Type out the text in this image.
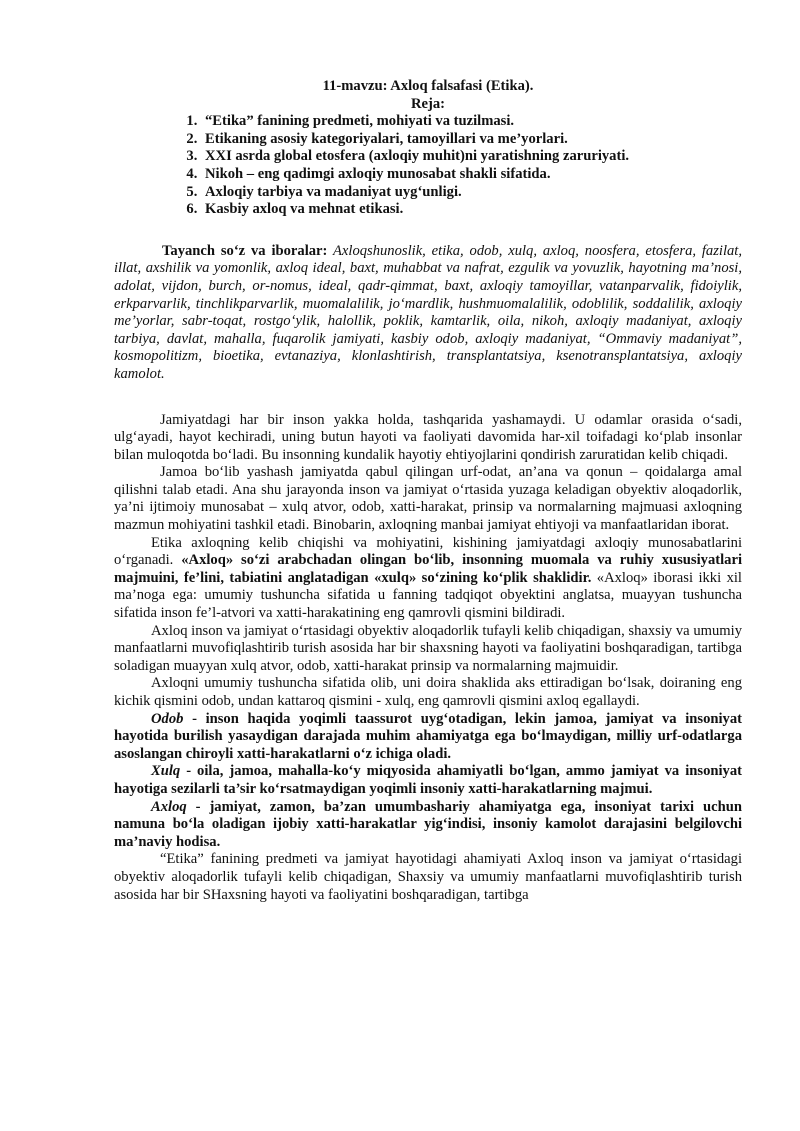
11-mavzu: Axloq falsafasi (Etika).
Reja:
1. “Etika” fanining predmeti, mohiyati va tuzilmasi.
2. Etikaning asosiy kategoriyalari, tamoyillari va me’yorlari.
3. XXI asrda global etosfera (axloqiy muhit)ni yaratishning zaruriyati.
4. Nikoh – eng qadimgi axloqiy munosabat shakli sifatida.
5. Axloqiy tarbiya va madaniyat uyg‘unligi.
6. Kasbiy axloq va mehnat etikasi.

Tayanch so‘z va iboralar: Axloqshunoslik, etika, odob, xulq, axloq, noosfera, etosfera, fazilat, illat, axshilik va yomonlik, axloq ideal, baxt, muhabbat va nafrat, ezgulik va yovuzlik, hayotning ma’nosi, adolat, vijdon, burch, or-nomus, ideal, qadr-qimmat, baxt, axloqiy tamoyillar, vatanparvalik, fidoiylik, erkparvarlik, tinchlikparvarlik, muomalalilik, jo‘mardlik, hushmuomalalilik, odoblilik, soddalilik, axloqiy me’yorlar, sabr-toqat, rostgo‘ylik, halollik, poklik, kamtarlik, oila, nikoh, axloqiy madaniyat, axloqiy tarbiya, davlat, mahalla, fuqarolik jamiyati, kasbiy odob, axloqiy madaniyat, “Ommaviy madaniyat”, kosmopolitizm, bioetika, evtanaziya, klonlashtirish, transplantatsiya, ksenotransplantatsiya, axloqiy kamolot.

Jamiyatdagi har bir inson yakka holda, tashqarida yashamaydi. U odamlar orasida o‘sadi, ulg‘ayadi, hayot kechiradi, uning butun hayoti va faoliyati davomida har-xil toifadagi ko‘plab insonlar bilan muloqotda bo‘ladi. Bu insonning kundalik hayotiy ehtiyojlarini qondirish zaruratidan kelib chiqadi.

Jamoa bo‘lib yashash jamiyatda qabul qilingan urf-odat, an’ana va qonun – qoidalarga amal qilishni talab etadi. Ana shu jarayonda inson va jamiyat o‘rtasida yuzaga keladigan obyektiv aloqadorlik, ya’ni ijtimoiy munosabat – xulq atvor, odob, xatti-harakat, prinsip va normalarning majmuasi axloqning mazmun mohiyatini tashkil etadi. Binobarin, axloqning manbai jamiyat ehtiyoji va manfaatlaridan iborat.

Etika axloqning kelib chiqishi va mohiyatini, kishining jamiyatdagi axloqiy munosabatlarini o‘rganadi. «Axloq» so‘zi arabchadan olingan bo‘lib, insonning muomala va ruhiy xususiyatlari majmuini, fe’lini, tabiatini anglatadigan «xulq» so‘zining ko‘plik shaklidir. «Axloq» iborasi ikki xil ma’noga ega: umumiy tushuncha sifatida u fanning tadqiqot obyektini anglatsa, muayyan tushuncha sifatida inson fe’l-atvori va xatti-harakatining eng qamrovli qismini bildiradi.

Axloq inson va jamiyat o‘rtasidagi obyektiv aloqadorlik tufayli kelib chiqadigan, shaxsiy va umumiy manfaatlarni muvofiqlashtirib turish asosida har bir shaxsning hayoti va faoliyatini boshqaradigan, tartibga soladigan muayyan xulq atvor, odob, xatti-harakat prinsip va normalarning majmuidir.

Axloqni umumiy tushuncha sifatida olib, uni doira shaklida aks ettiradigan bo‘lsak, doiraning eng kichik qismini odob, undan kattaroq qismini - xulq, eng qamrovli qismini axloq egallaydi.

Odob - inson haqida yoqimli taassurot uyg‘otadigan, lekin jamoa, jamiyat va insoniyat hayotida burilish yasaydigan darajada muhim ahamiyatga ega bo‘lmaydigan, milliy urf-odatlarga asoslangan chiroyli xatti-harakatlarni o‘z ichiga oladi.

Xulq - oila, jamoa, mahalla-ko‘y miqyosida ahamiyatli bo‘lgan, ammo jamiyat va insoniyat hayotiga sezilarli ta’sir ko‘rsatmaydigan yoqimli insoniy xatti-harakatlarning majmui.

Axloq - jamiyat, zamon, ba’zan umumbashariy ahamiyatga ega, insoniyat tarixi uchun namuna bo‘la oladigan ijobiy xatti-harakatlar yig‘indisi, insoniy kamolot darajasini belgilovchi ma’naviy hodisa.

“Etika” fanining predmeti va jamiyat hayotidagi ahamiyati Axloq inson va jamiyat o‘rtasidagi obyektiv aloqadorlik tufayli kelib chiqadigan, Shaxsiy va umumiy manfaatlarni muvofiqlashtirib turish asosida har bir SHaxsning hayoti va faoliyatini boshqaradigan, tartibga
